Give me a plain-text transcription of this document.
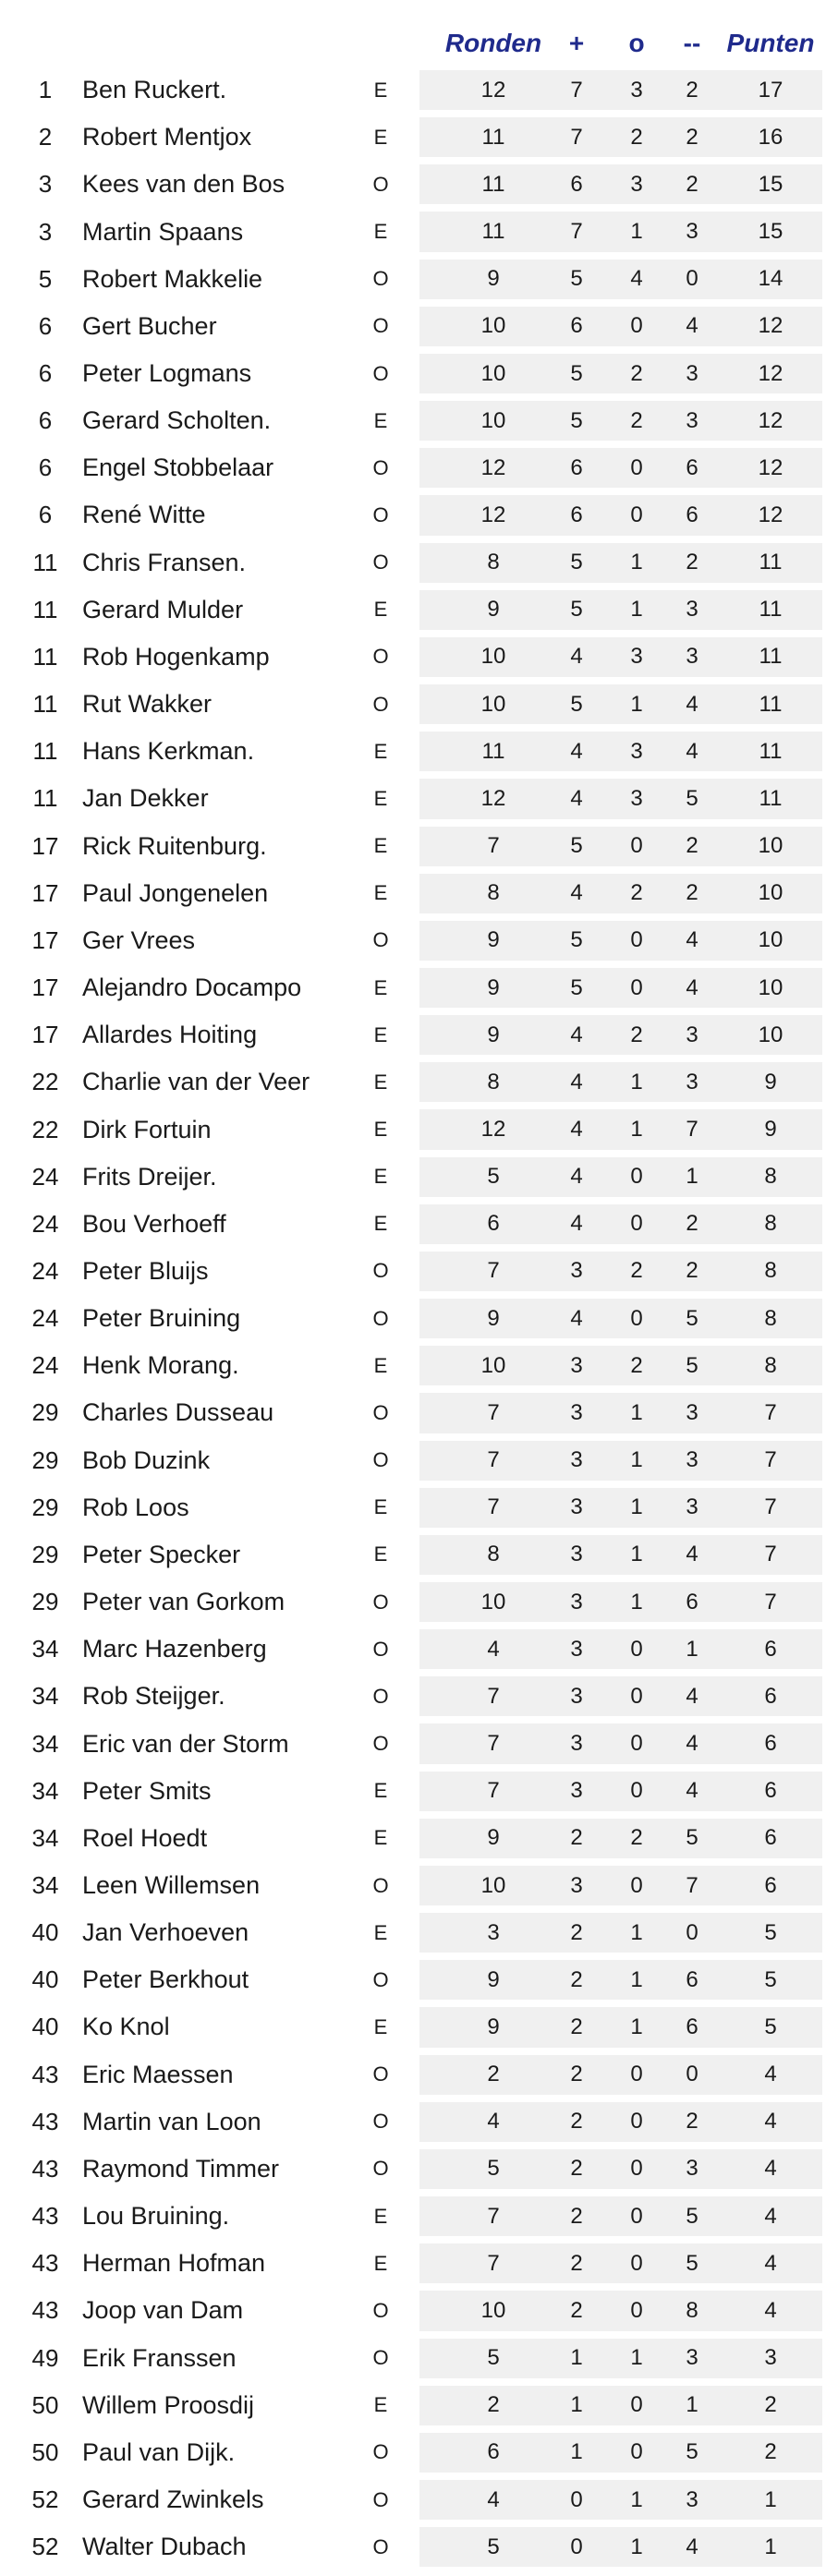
Ronden	+	o	--	Punten
1	Ben Ruckert.	E	12	7	3	2	17
2	Robert Mentjox	E	11	7	2	2	16
3	Kees van den Bos	O	11	6	3	2	15
3	Martin Spaans	E	11	7	1	3	15
5	Robert Makkelie	O	9	5	4	0	14
6	Gert Bucher	O	10	6	0	4	12
6	Peter Logmans	O	10	5	2	3	12
6	Gerard Scholten.	E	10	5	2	3	12
6	Engel Stobbelaar	O	12	6	0	6	12
6	René Witte	O	12	6	0	6	12
11 Chris Fransen.	O	8	5	1	2	11
11 Gerard Mulder	E	9	5	1	3	11
11 Rob Hogenkamp	O	10	4	3	3	11
11 Rut Wakker	O	10	5	1	4	11
11 Hans Kerkman.	E	11	4	3	4	11
11 Jan Dekker	E	12	4	3	5	11
17 Rick Ruitenburg.	E	7	5	0	2	10
17 Paul Jongenelen	E	8	4	2	2	10
17 Ger Vrees	O	9	5	0	4	10
17 Alejandro Docampo	E	9	5	0	4	10
17 Allardes Hoiting	E	9	4	2	3	10
22 Charlie van der Veer	E	8	4	1	3	9
22 Dirk Fortuin	E	12	4	1	7	9
24 Frits Dreijer.	E	5	4	0	1	8
24 Bou Verhoeff	E	6	4	0	2	8
24 Peter Bluijs	O	7	3	2	2	8
24 Peter Bruining	O	9	4	0	5	8
24 Henk Morang.	E	10	3	2	5	8
29 Charles Dusseau	O	7	3	1	3	7
29 Bob Duzink	O	7	3	1	3	7
29 Rob Loos	E	7	3	1	3	7
29 Peter Specker	E	8	3	1	4	7
29 Peter van Gorkom	O	10	3	1	6	7
34 Marc Hazenberg	O	4	3	0	1	6
34 Rob Steijger.	O	7	3	0	4	6
34 Eric van der Storm	O	7	3	0	4	6
34 Peter Smits	E	7	3	0	4	6
34 Roel Hoedt	E	9	2	2	5	6
34 Leen Willemsen	O	10	3	0	7	6
40 Jan Verhoeven	E	3	2	1	0	5
40 Peter Berkhout	O	9	2	1	6	5
40 Ko Knol	E	9	2	1	6	5
43 Eric Maessen	O	2	2	0	0	4
43 Martin van Loon	O	4	2	0	2	4
43 Raymond Timmer	O	5	2	0	3	4
43 Lou Bruining.	E	7	2	0	5	4
43 Herman Hofman	E	7	2	0	5	4
43 Joop van Dam	O	10	2	0	8	4
49 Erik Franssen	O	5	1	1	3	3
50 Willem Proosdij	E	2	1	0	1	2
50 Paul van Dijk.	O	6	1	0	5	2
52 Gerard Zwinkels	O	4	0	1	3	1
52 Walter Dubach	O	5	0	1	4	1
